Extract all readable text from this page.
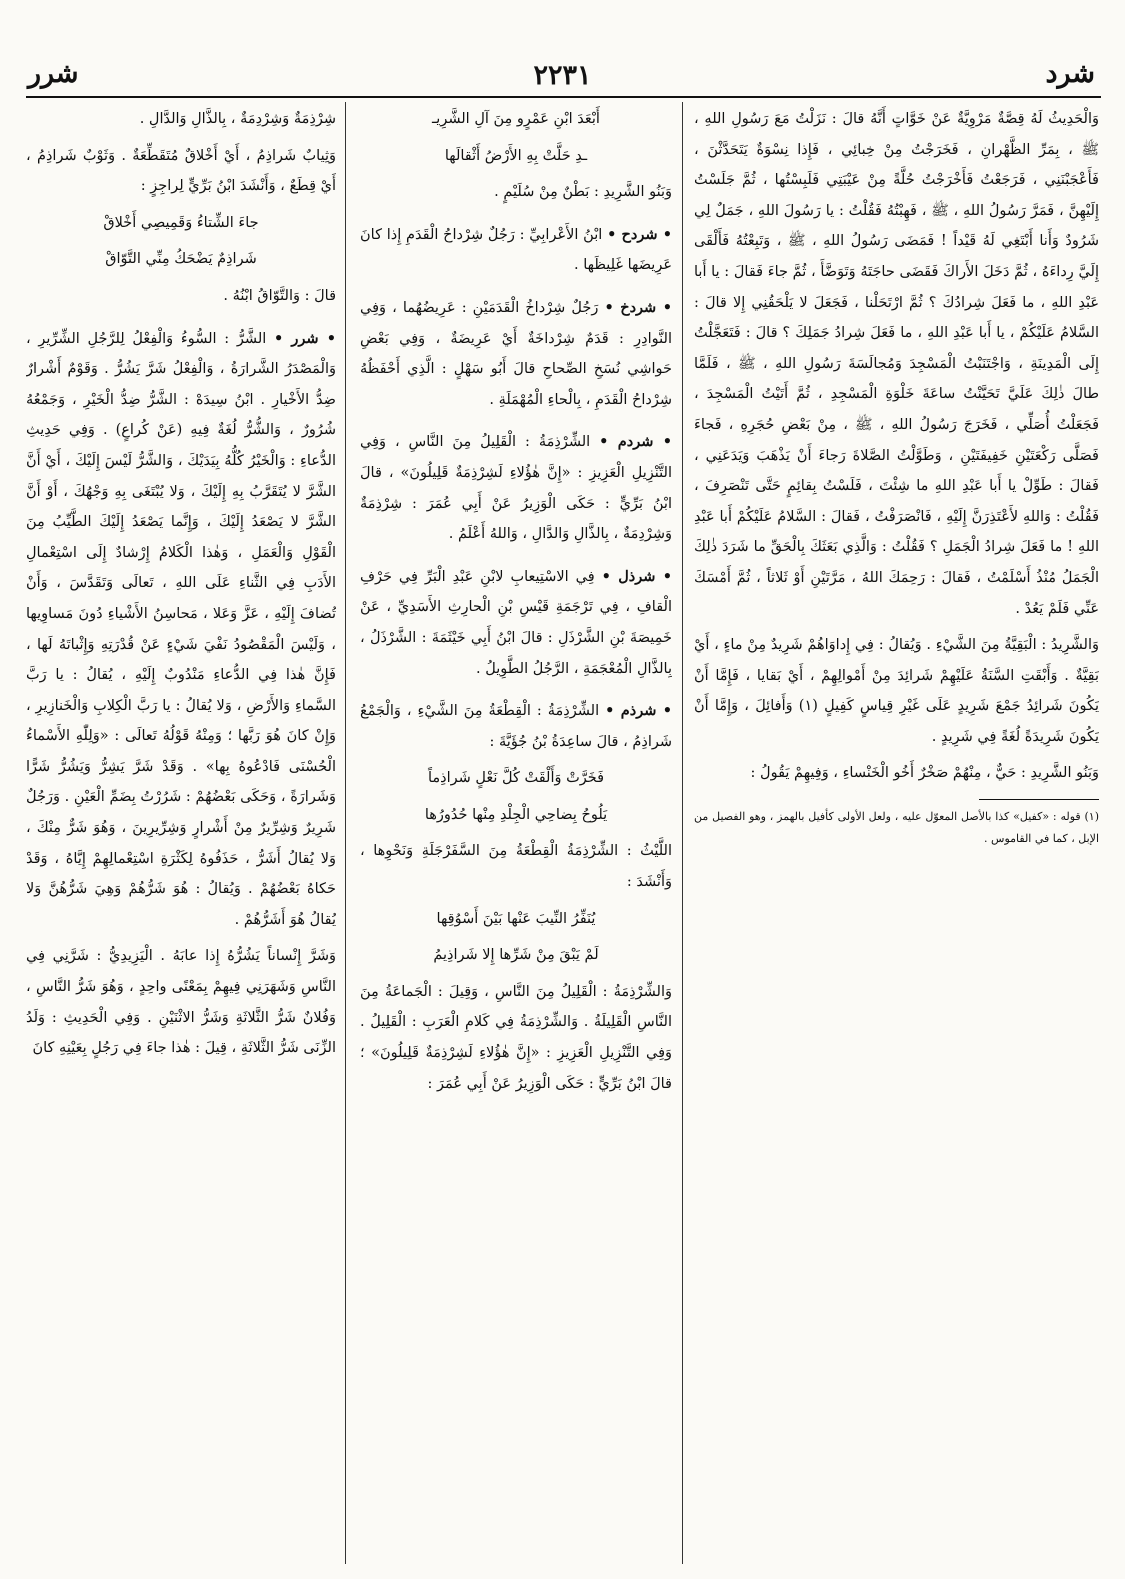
شرد
٢٢٣١
شرر

وَالْحَدِيثُ لَهُ قِصَّةٌ مَرْوِيَّةٌ عَنْ خَوَّاتٍ أَنَّهُ قالَ : نَزَلْتُ مَعَ رَسُولِ اللهِ ، ﷺ ، بِمَرِّ الظَّهْرانِ ، فَخَرَجْتُ مِنْ خِبائِي ، فَإِذا نِسْوَةٌ يَتَحَدَّثْنَ ، فَأَعْجَبْنَنِي ، فَرَجَعْتُ فَأَخْرَجْتُ حُلَّةً مِنْ عَيْبَتِي فَلَبِسْتُها ، ثُمَّ جَلَسْتُ إِلَيْهِنَّ ، فَمَرَّ رَسُولُ اللهِ ، ﷺ ، فَهِبْتُهُ فَقُلْتُ : يا رَسُولَ اللهِ ، جَمَلٌ لِي شَرُودٌ وَأَنا أَبْتَغِي لَهُ قَيْداً ! فَمَضَى رَسُولُ اللهِ ، ﷺ ، وَتَبِعْتُهُ فَأَلْقَى إِلَيَّ رِداءَهُ ، ثُمَّ دَخَلَ الأَراكَ فَقَضَى حاجَتَهُ وَتَوَضَّأَ ، ثُمَّ جاءَ فَقالَ : يا أَبا عَبْدِ اللهِ ، ما فَعَلَ شِرادُكَ ؟ ثُمَّ ارْتَحَلْنا ، فَجَعَلَ لا يَلْحَقُنِي إِلا قالَ : السَّلامُ عَلَيْكُمْ ، يا أَبا عَبْدِ اللهِ ، ما فَعَلَ شِرادُ جَمَلِكَ ؟ قالَ : فَتَعَجَّلْتُ إِلَى الْمَدِينَةِ ، وَاجْتَنَبْتُ الْمَسْجِدَ وَمُجالَسَةَ رَسُولِ اللهِ ، ﷺ ، فَلَمَّا طالَ ذٰلِكَ عَلَيَّ تَحَيَّنْتُ ساعَةَ خَلْوَةِ الْمَسْجِدِ ، ثُمَّ أَتَيْتُ الْمَسْجِدَ ، فَجَعَلْتُ أُصَلِّي ، فَخَرَجَ رَسُولُ اللهِ ، ﷺ ، مِنْ بَعْضِ حُجَرِهِ ، فَجاءَ فَصَلَّى رَكْعَتَيْنِ خَفِيفَتَيْنِ ، وَطَوَّلْتُ الصَّلاةَ رَجاءَ أَنْ يَذْهَبَ وَيَدَعَنِي ، فَقالَ : طَوِّلْ يا أَبا عَبْدِ اللهِ ما شِئْتَ ، فَلَسْتُ بِقائِمٍ حَتَّى تَنْصَرِفَ ، فَقُلْتُ : وَاللهِ لأَعْتَذِرَنَّ إِلَيْهِ ، فَانْصَرَفْتُ ، فَقالَ : السَّلامُ عَلَيْكُمْ أَبا عَبْدِ اللهِ ! ما فَعَلَ شِرادُ الْجَمَلِ ؟ فَقُلْتُ : وَالَّذِي بَعَثَكَ بِالْحَقِّ ما شَرَدَ ذٰلِكَ الْجَمَلُ مُنْذُ أَسْلَمْتُ ، فَقالَ : رَحِمَكَ اللهُ ، مَرَّتَيْنِ أَوْ ثَلاثاً ، ثُمَّ أَمْسَكَ عَنِّي فَلَمْ يَعُدْ .

وَالشَّرِيدُ : الْبَقِيَّةُ مِنَ الشَّيْءِ . وَيُقالُ : فِي إِداوَاهُمْ شَرِيدٌ مِنْ ماءٍ ، أَيْ بَقِيَّةٌ . وَأَبْقَتِ السَّنَةُ عَلَيْهِمْ شَرائِدَ مِنْ أَمْوالِهِمْ ، أَيْ بَقايا ، فَإِمَّا أَنْ يَكُونَ شَرائِدُ جَمْعَ شَرِيدٍ عَلَى غَيْرِ قِياسٍ كَفِيلٍ (١) وَأَفائِلَ ، وَإِمَّا أَنْ يَكُونَ شَرِيدَةً لُغَةً فِي شَرِيدٍ .

وَبَنُو الشَّرِيدِ : حَيٌّ ، مِنْهُمْ صَخْرٌ أَخُو الْخَنْساءِ ، وَفِيهِمْ يَقُولُ :

(١) قوله : «كفيل» كذا بالأصل المعوّل عليه ، ولعل الأولى كأفيل بالهمز ، وهو الفصيل من الإبل ، كما في القاموس .

أَبْعَدَ ابْنِ عَمْرٍو مِنَ آلِ الشَّرِيـ

ـدِ حَلَّتْ بِهِ الأَرْضُ أَثْقالَها

وَبَنُو الشَّرِيدِ : بَطْنٌ مِنْ سُلَيْمٍ .

• شردح • ابْنُ الأَعْرابِيِّ : رَجُلٌ شِرْداحُ الْقَدَمِ إِذا كانَ عَرِيضَها غَلِيظَها .

• شردخ • رَجُلٌ شِرْداخُ الْقَدَمَيْنِ : عَرِيضُهُما ، وَفِي النَّوادِرِ : قَدَمٌ شِرْداخَةٌ أَيْ عَرِيضَةٌ ، وَفِي بَعْضِ حَواشِي نُسَخِ الصِّحاحِ قالَ أَبُو سَهْلٍ : الَّذِي أَحْفَظُهُ شِرْداحُ الْقَدَمِ ، بِالْحاءِ الْمُهْمَلَةِ .

• شردم • الشِّرْذِمَةُ : الْقَلِيلُ مِنَ النَّاسِ ، وَفِي التَّنْزِيلِ الْعَزِيزِ : «إِنَّ هٰؤُلاءِ لَشِرْذِمَةٌ قَلِيلُونَ» ، قالَ ابْنُ بَرِّيٍّ : حَكَى الْوَزِيرُ عَنْ أَبِي عُمَرَ : شِرْذِمَةٌ وَشِرْدِمَةٌ ، بِالذَّالِ وَالدَّالِ ، وَاللهُ أَعْلَمُ .

• شرذل • فِي الاسْتِيعابِ لابْنِ عَبْدِ الْبَرِّ فِي حَرْفِ الْقافِ ، فِي تَرْجَمَةِ قَيْسِ بْنِ الْحارِثِ الأَسَدِيِّ ، عَنْ خَمِيصَةَ بْنِ الشَّرْذَلِ : قالَ ابْنُ أَبِي خَيْثَمَةَ : الشَّرْذَلُ ، بِالذَّالِ الْمُعْجَمَةِ ، الرَّجُلُ الطَّوِيلُ .

• شرذم • الشِّرْذِمَةُ : الْقِطْعَةُ مِنَ الشَّيْءِ ، وَالْجَمْعُ شَراذِمُ ، قالَ ساعِدَةُ بْنُ جُؤَيَّةَ :

فَخَرَّتْ وَأَلْقَتْ كُلَّ نَعْلٍ شَراذِماً

يَلُوحُ بِضاحِي الْجِلْدِ مِنْها حُدُورُها

اللَّيْثُ : الشِّرْذِمَةُ الْقِطْعَةُ مِنَ السَّفَرْجَلَةِ وَنَحْوِها ، وَأَنْشَدَ :

يُنَفِّرُ النِّيبَ عَنْها بَيْنَ أَسْوُقِها

لَمْ يَبْقَ مِنْ شَرِّها إِلا شَراذِيمُ

وَالشِّرْذِمَةُ : الْقَلِيلُ مِنَ النَّاسِ ، وَقِيلَ : الْجَماعَةُ مِنَ النَّاسِ الْقَلِيلَةُ . وَالشِّرْذِمَةُ فِي كَلامِ الْعَرَبِ : الْقَلِيلُ . وَفِي التَّنْزِيلِ الْعَزِيزِ : «إِنَّ هٰؤُلاءِ لَشِرْذِمَةٌ قَلِيلُونَ» ؛ قالَ ابْنُ بَرِّيٍّ : حَكَى الْوَزِيرُ عَنْ أَبِي عُمَرَ :

شِرْذِمَةٌ وَشِرْدِمَةٌ ، بِالذَّالِ وَالدَّالِ .

وَثِيابٌ شَراذِمُ ، أَيْ أَخْلاقٌ مُتَقَطِّعَةٌ . وَثَوْبٌ شَراذِمُ ، أَيْ قِطَعٌ ، وَأَنْشَدَ ابْنُ بَرِّيٍّ لِراجِزٍ :

جاءَ الشِّتاءُ وَقَمِيصِي أَخْلاقْ

شَراذِمٌ يَضْحَكُ مِنِّي التَّوّاقْ

قالَ : وَالتَّوّاقُ ابْنُهُ .

• شرر • الشَّرُّ : السُّوءُ وَالْفِعْلُ لِلرَّجُلِ الشِّرِّيرِ ، وَالْمَصْدَرُ الشَّرارَةُ ، وَالْفِعْلُ شَرَّ يَشُرُّ . وَقَوْمٌ أَشْرارٌ ضِدُّ الأَخْيارِ . ابْنُ سِيدَهْ : الشَّرُّ ضِدُّ الْخَيْرِ ، وَجَمْعُهُ شُرُورٌ ، وَالشُّرُّ لُغَةٌ فِيهِ (عَنْ كُراعٍ) . وَفِي حَدِيثِ الدُّعاءِ : وَالْخَيْرُ كُلُّهُ بِيَدَيْكَ ، وَالشَّرُّ لَيْسَ إِلَيْكَ ، أَيْ أَنَّ الشَّرَّ لا يُتَقَرَّبُ بِهِ إِلَيْكَ ، وَلا يُبْتَغَى بِهِ وَجْهُكَ ، أَوْ أَنَّ الشَّرَّ لا يَصْعَدُ إِلَيْكَ ، وَإِنَّما يَصْعَدُ إِلَيْكَ الطَّيِّبُ مِنَ الْقَوْلِ وَالْعَمَلِ ، وَهٰذا الْكَلامُ إِرْشادٌ إِلَى اسْتِعْمالِ الأَدَبِ فِي الثَّناءِ عَلَى اللهِ ، تَعالَى وَتَقَدَّسَ ، وَأَنْ تُضافَ إِلَيْهِ ، عَزَّ وَعَلا ، مَحاسِنُ الأَشْياءِ دُونَ مَساوِيها ، وَلَيْسَ الْمَقْصُودُ نَفْيَ شَيْءٍ عَنْ قُدْرَتِهِ وَإِثْباتَهُ لَها ، فَإِنَّ هٰذا فِي الدُّعاءِ مَنْدُوبٌ إِلَيْهِ ، يُقالُ : يا رَبَّ السَّماءِ وَالأَرْضِ ، وَلا يُقالُ : يا رَبَّ الْكِلابِ وَالْخَنازِيرِ ، وَإِنْ كانَ هُوَ رَبَّها ؛ وَمِنْهُ قَوْلُهُ تَعالَى : «وَلِلّٰهِ الأَسْماءُ الْحُسْنَى فَادْعُوهُ بِها» . وَقَدْ شَرَّ يَشِرُّ وَيَشُرُّ شَرًّا وَشَرارَةً ، وَحَكَى بَعْضُهُمْ : شَرُرْتُ بِضَمِّ الْعَيْنِ . وَرَجُلٌ شَرِيرٌ وَشِرِّيرٌ مِنْ أَشْرارٍ وَشِرِّيرِينَ ، وَهُوَ شَرٌّ مِنْكَ ، وَلا يُقالُ أَشَرُّ ، حَذَفُوهُ لِكَثْرَةِ اسْتِعْمالِهِمْ إِيَّاهُ ، وَقَدْ حَكاهُ بَعْضُهُمْ . وَيُقالُ : هُوَ شَرُّهُمْ وَهِيَ شَرُّهُنَّ وَلا يُقالُ هُوَ أَشَرُّهُمْ .

وَشَرَّ إِنْساناً يَشُرُّهُ إِذا عابَهُ . الْيَزِيدِيُّ : شَرَّنِي فِي النَّاسِ وَشَهَرَنِي فِيهِمْ بِمَعْنًى واحِدٍ ، وَهُوَ شَرُّ النَّاسِ ، وَفُلانٌ شَرُّ الثَّلاثَةِ وَشَرُّ الاثْنَيْنِ . وَفِي الْحَدِيثِ : وَلَدُ الزِّنَى شَرُّ الثَّلاثَةِ ، قِيلَ : هٰذا جاءَ فِي رَجُلٍ بِعَيْنِهِ كانَ
